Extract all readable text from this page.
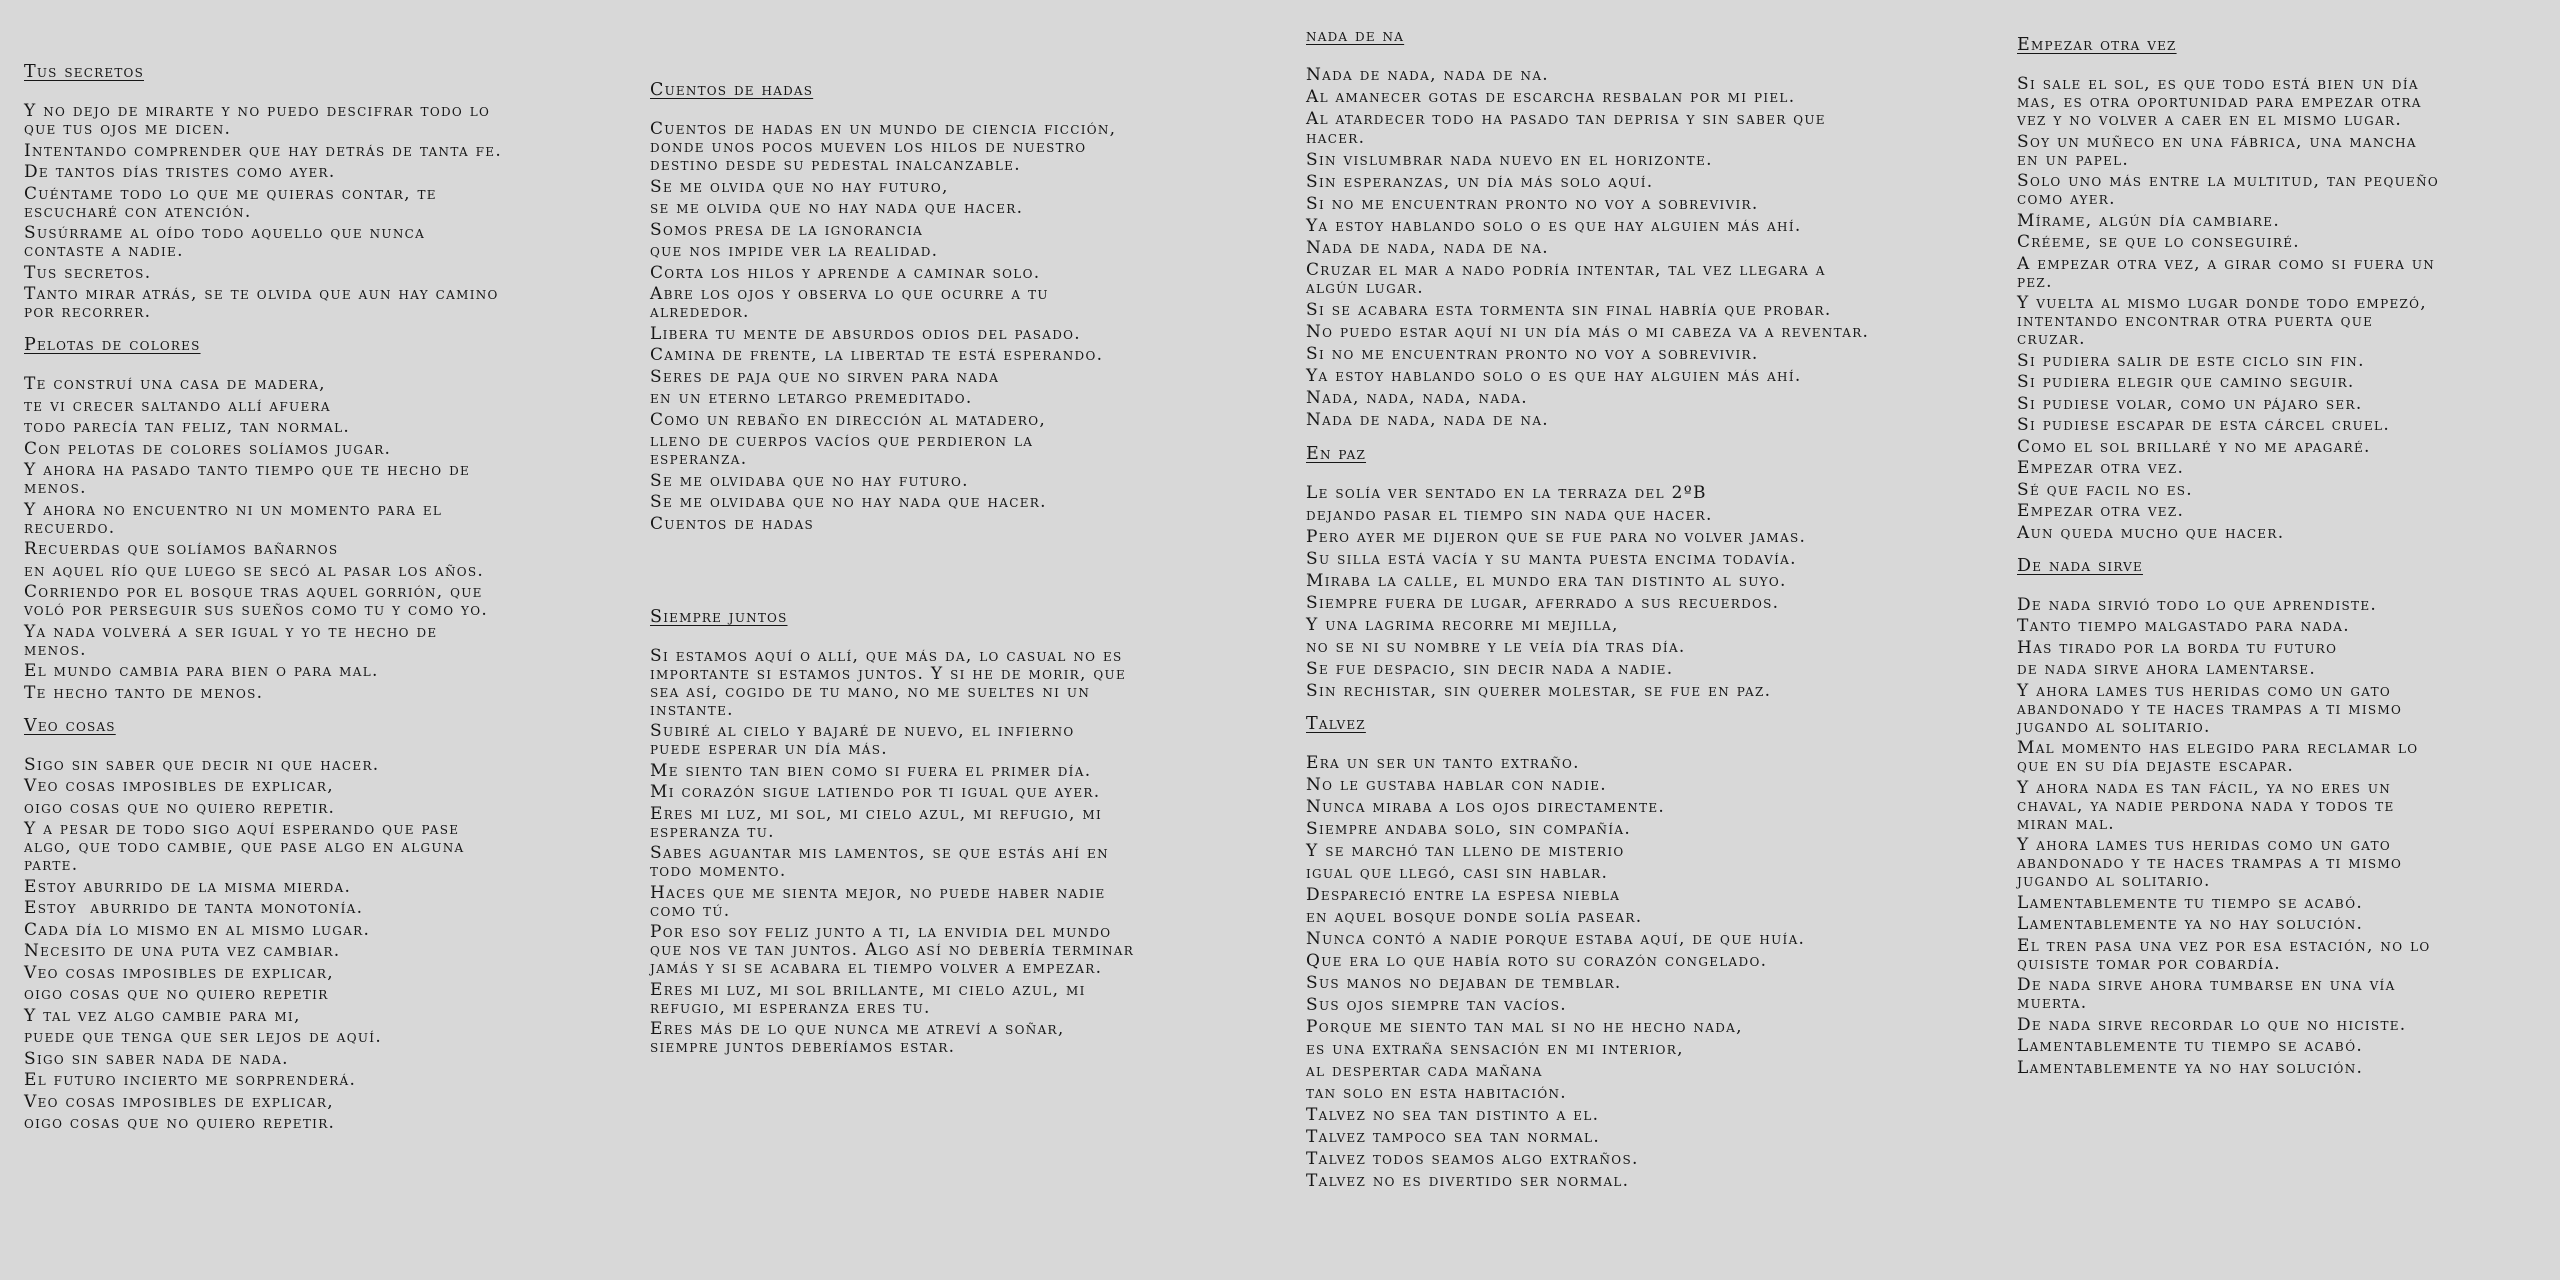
Tus secretos
Y no dejo de mirarte y no puedo descifrar todo lo
que tus ojos me dicen.
Intentando comprender que hay detrás de tanta fe.
De tantos días tristes como ayer.
Cuéntame todo lo que me quieras contar, te
escucharé con atención.
Susúrrame al oído todo aquello que nunca
contaste a nadie.
Tus secretos.
Tanto mirar atrás, se te olvida que aun hay camino
por recorrer.
Pelotas de colores
Te construí una casa de madera,
te vi crecer saltando allí afuera
todo parecía tan feliz, tan normal.
Con pelotas de colores solíamos jugar.
Y ahora ha pasado tanto tiempo que te hecho de
menos.
Y ahora no encuentro ni un momento para el
recuerdo.
Recuerdas que solíamos bañarnos
en aquel río que luego se secó al pasar los años.
Corriendo por el bosque tras aquel gorrión, que
voló por perseguir sus sueños como tu y como yo.
Ya nada volverá a ser igual y yo te hecho de
menos.
El mundo cambia para bien o para mal.
Te hecho tanto de menos.
Veo cosas
Sigo sin saber que decir ni que hacer.
Veo cosas imposibles de explicar,
oigo cosas que no quiero repetir.
Y a pesar de todo sigo aquí esperando que pase
algo, que todo cambie, que pase algo en alguna
parte.
Estoy aburrido de la misma mierda.
Estoy  aburrido de tanta monotonía.
Cada día lo mismo en al mismo lugar.
Necesito de una puta vez cambiar.
Veo cosas imposibles de explicar,
oigo cosas que no quiero repetir
Y tal vez algo cambie para mi,
puede que tenga que ser lejos de aquí.
Sigo sin saber nada de nada.
El futuro incierto me sorprenderá.
Veo cosas imposibles de explicar,
oigo cosas que no quiero repetir.
Cuentos de hadas
Cuentos de hadas en un mundo de ciencia ficción,
donde unos pocos mueven los hilos de nuestro
destino desde su pedestal inalcanzable.
Se me olvida que no hay futuro,
se me olvida que no hay nada que hacer.
Somos presa de la ignorancia
que nos impide ver la realidad.
Corta los hilos y aprende a caminar solo.
Abre los ojos y observa lo que ocurre a tu
alrededor.
Libera tu mente de absurdos odios del pasado.
Camina de frente, la libertad te está esperando.
Seres de paja que no sirven para nada
en un eterno letargo premeditado.
Como un rebaño en dirección al matadero,
lleno de cuerpos vacíos que perdieron la
esperanza.
Se me olvidaba que no hay futuro.
Se me olvidaba que no hay nada que hacer.
Cuentos de hadas
Siempre juntos
Si estamos aquí o allí, que más da, lo casual no es
importante si estamos juntos. Y si he de morir, que
sea así, cogido de tu mano, no me sueltes ni un
instante.
Subiré al cielo y bajaré de nuevo, el infierno
puede esperar un día más.
Me siento tan bien como si fuera el primer día.
Mi corazón sigue latiendo por ti igual que ayer.
Eres mi luz, mi sol, mi cielo azul, mi refugio, mi
esperanza tu.
Sabes aguantar mis lamentos, se que estás ahí en
todo momento.
Haces que me sienta mejor, no puede haber nadie
como tú.
Por eso soy feliz junto a ti, la envidia del mundo
que nos ve tan juntos. Algo así no debería terminar
jamás y si se acabara el tiempo volver a empezar.
Eres mi luz, mi sol brillante, mi cielo azul, mi
refugio, mi esperanza eres tu.
Eres más de lo que nunca me atreví a soñar,
siempre juntos deberíamos estar.
nada de na
Nada de nada, nada de na.
Al amanecer gotas de escarcha resbalan por mi piel.
Al atardecer todo ha pasado tan deprisa y sin saber que
hacer.
Sin vislumbrar nada nuevo en el horizonte.
Sin esperanzas, un día más solo aquí.
Si no me encuentran pronto no voy a sobrevivir.
Ya estoy hablando solo o es que hay alguien más ahí.
Nada de nada, nada de na.
Cruzar el mar a nado podría intentar, tal vez llegara a
algún lugar.
Si se acabara esta tormenta sin final habría que probar.
No puedo estar aquí ni un día más o mi cabeza va a reventar.
Si no me encuentran pronto no voy a sobrevivir.
Ya estoy hablando solo o es que hay alguien más ahí.
Nada, nada, nada, nada.
Nada de nada, nada de na.
En paz
Le solía ver sentado en la terraza del 2ºB
dejando pasar el tiempo sin nada que hacer.
Pero ayer me dijeron que se fue para no volver jamas.
Su silla está vacía y su manta puesta encima todavía.
Miraba la calle, el mundo era tan distinto al suyo.
Siempre fuera de lugar, aferrado a sus recuerdos.
Y una lagrima recorre mi mejilla,
no se ni su nombre y le veía día tras día.
Se fue despacio, sin decir nada a nadie.
Sin rechistar, sin querer molestar, se fue en paz.
Talvez
Era un ser un tanto extraño.
No le gustaba hablar con nadie.
Nunca miraba a los ojos directamente.
Siempre andaba solo, sin compañía.
Y se marchó tan lleno de misterio
igual que llegó, casi sin hablar.
Despareció entre la espesa niebla
en aquel bosque donde solía pasear.
Nunca contó a nadie porque estaba aquí, de que huía.
Que era lo que había roto su corazón congelado.
Sus manos no dejaban de temblar.
Sus ojos siempre tan vacíos.
Porque me siento tan mal si no he hecho nada,
es una extraña sensación en mi interior,
al despertar cada mañana
tan solo en esta habitación.
Talvez no sea tan distinto a el.
Talvez tampoco sea tan normal.
Talvez todos seamos algo extraños.
Talvez no es divertido ser normal.
Empezar otra vez
Si sale el sol, es que todo está bien un día
mas, es otra oportunidad para empezar otra
vez y no volver a caer en el mismo lugar.
Soy un muñeco en una fábrica, una mancha
en un papel.
Solo uno más entre la multitud, tan pequeño
como ayer.
Mírame, algún día cambiare.
Créeme, se que lo conseguiré.
A empezar otra vez, a girar como si fuera un
pez.
Y vuelta al mismo lugar donde todo empezó,
intentando encontrar otra puerta que
cruzar.
Si pudiera salir de este ciclo sin fin.
Si pudiera elegir que camino seguir.
Si pudiese volar, como un pájaro ser.
Si pudiese escapar de esta cárcel cruel.
Como el sol brillaré y no me apagaré.
Empezar otra vez.
Sé que facil no es.
Empezar otra vez.
Aun queda mucho que hacer.
De nada sirve
De nada sirvió todo lo que aprendiste.
Tanto tiempo malgastado para nada.
Has tirado por la borda tu futuro
de nada sirve ahora lamentarse.
Y ahora lames tus heridas como un gato
abandonado y te haces trampas a ti mismo
jugando al solitario.
Mal momento has elegido para reclamar lo
que en su día dejaste escapar.
Y ahora nada es tan fácil, ya no eres un
chaval, ya nadie perdona nada y todos te
miran mal.
Y ahora lames tus heridas como un gato
abandonado y te haces trampas a ti mismo
jugando al solitario.
Lamentablemente tu tiempo se acabó.
Lamentablemente ya no hay solución.
El tren pasa una vez por esa estación, no lo
quisiste tomar por cobardía.
De nada sirve ahora tumbarse en una vía
muerta.
De nada sirve recordar lo que no hiciste.
Lamentablemente tu tiempo se acabó.
Lamentablemente ya no hay solución.
